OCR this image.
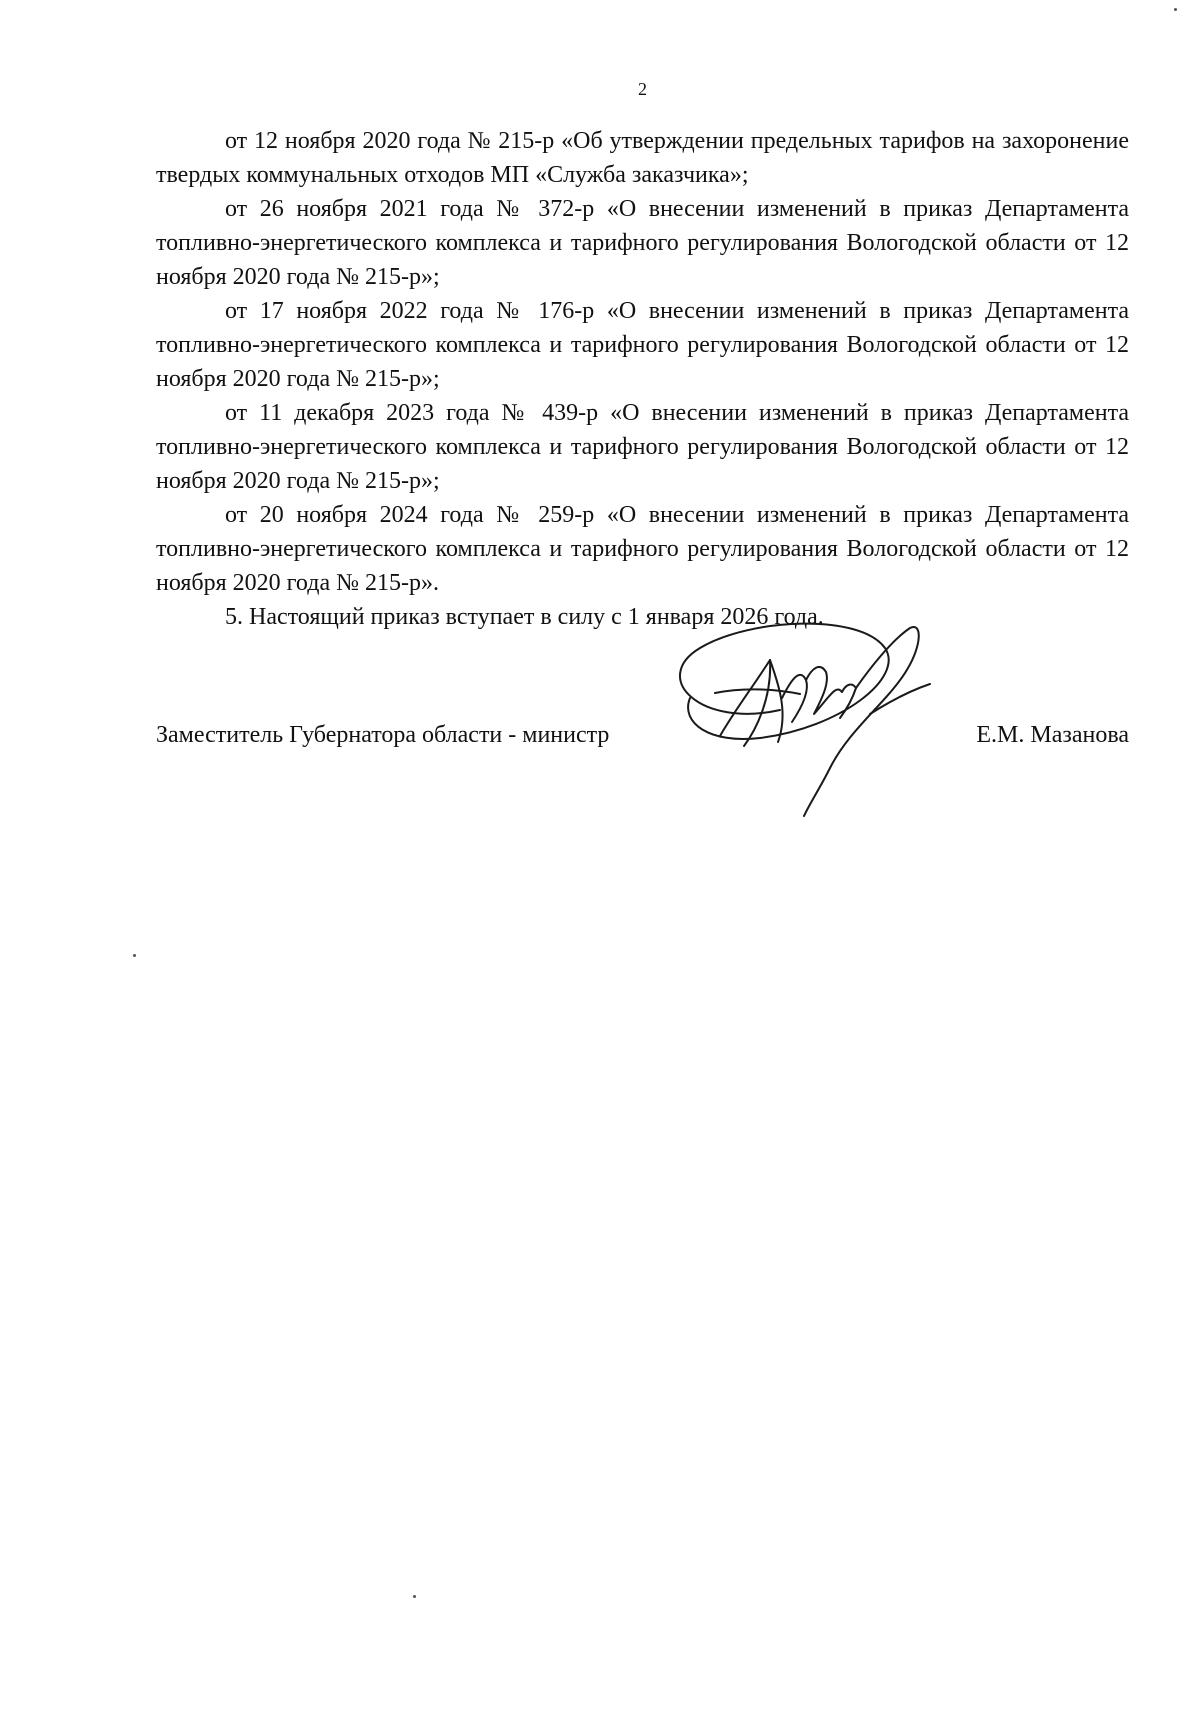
2

от 12 ноября 2020 года № 215-р «Об утверждении предельных тарифов на захоронение твердых коммунальных отходов МП «Служба заказчика»;

от 26 ноября 2021 года № 372-р «О внесении изменений в приказ Департамента топливно-энергетического комплекса и тарифного регулирования Вологодской области от 12 ноября 2020 года № 215-р»;

от 17 ноября 2022 года № 176-р «О внесении изменений в приказ Департамента топливно-энергетического комплекса и тарифного регулирования Вологодской области от 12 ноября 2020 года № 215-р»;

от 11 декабря 2023 года № 439-р «О внесении изменений в приказ Департамента топливно-энергетического комплекса и тарифного регулирования Вологодской области от 12 ноября 2020 года № 215-р»;

от 20 ноября 2024 года № 259-р «О внесении изменений в приказ Департамента топливно-энергетического комплекса и тарифного регулирования Вологодской области от 12 ноября 2020 года № 215-р».

5. Настоящий приказ вступает в силу с 1 января 2026 года.

Заместитель Губернатора области - министр	Е.М. Мазанова
